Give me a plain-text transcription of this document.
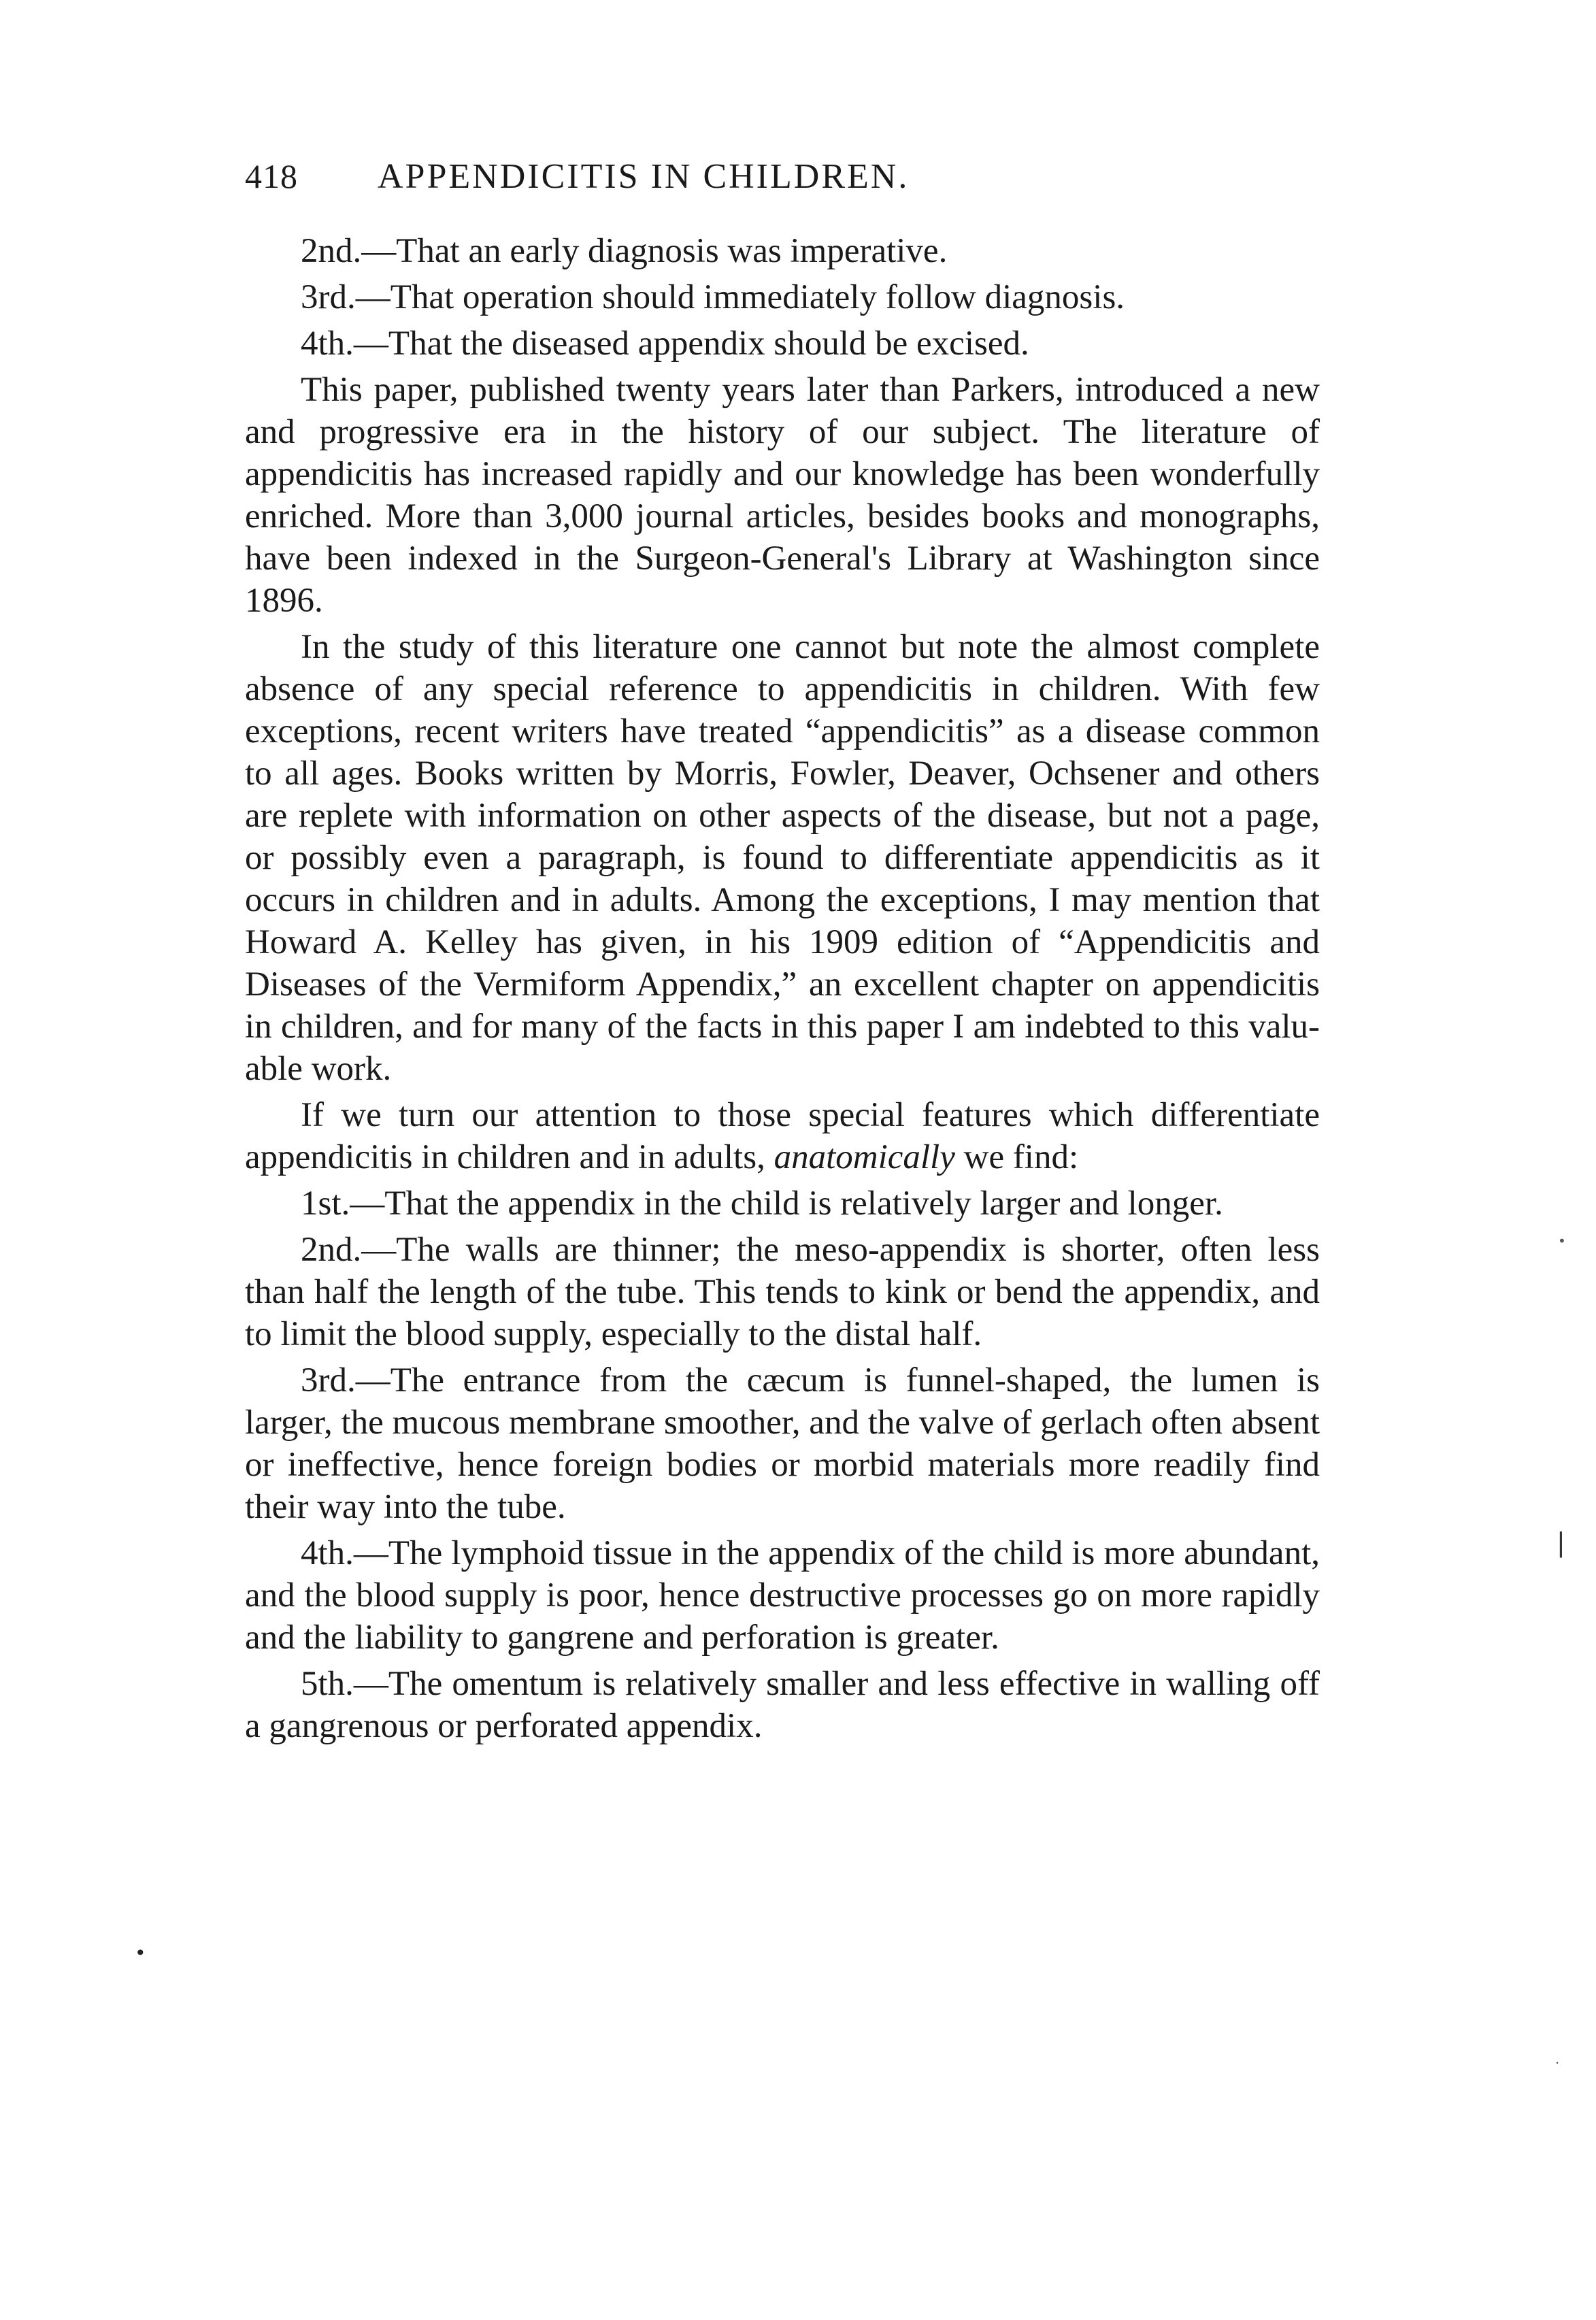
418	APPENDICITIS IN CHILDREN.

2nd.—That an early diagnosis was imperative.

3rd.—That operation should immediately follow diagnosis.

4th.—That the diseased appendix should be excised.

This paper, published twenty years later than Parkers, introduced a new and progressive era in the history of our subject. The literature of appendicitis has increased rapidly and our knowledge has been wonderfully enriched. More than 3,000 journal articles, besides books and monographs, have been indexed in the Surgeon-General's Library at Washington since 1896.

In the study of this literature one cannot but note the almost complete absence of any special reference to appendicitis in children. With few exceptions, recent writers have treated “appendicitis” as a disease common to all ages. Books written by Morris, Fowler, Deaver, Ochsener and others are replete with information on other aspects of the disease, but not a page, or possibly even a paragraph, is found to differentiate appendicitis as it occurs in children and in adults. Among the exceptions, I may mention that Howard A. Kelley has given, in his 1909 edition of “Appendicitis and Diseases of the Vermiform Appendix,” an excellent chapter on appendicitis in children, and for many of the facts in this paper I am indebted to this valuable work.

If we turn our attention to those special features which differentiate appendicitis in children and in adults, anatomically we find:

1st.—That the appendix in the child is relatively larger and longer.

2nd.—The walls are thinner; the meso-appendix is shorter, often less than half the length of the tube. This tends to kink or bend the appendix, and to limit the blood supply, especially to the distal half.

3rd.—The entrance from the cæcum is funnel-shaped, the lumen is larger, the mucous membrane smoother, and the valve of gerlach often absent or ineffective, hence foreign bodies or morbid materials more readily find their way into the tube.

4th.—The lymphoid tissue in the appendix of the child is more abundant, and the blood supply is poor, hence destructive processes go on more rapidly and the liability to gangrene and perforation is greater.

5th.—The omentum is relatively smaller and less effective in walling off a gangrenous or perforated appendix.

•
|
•
⋅
